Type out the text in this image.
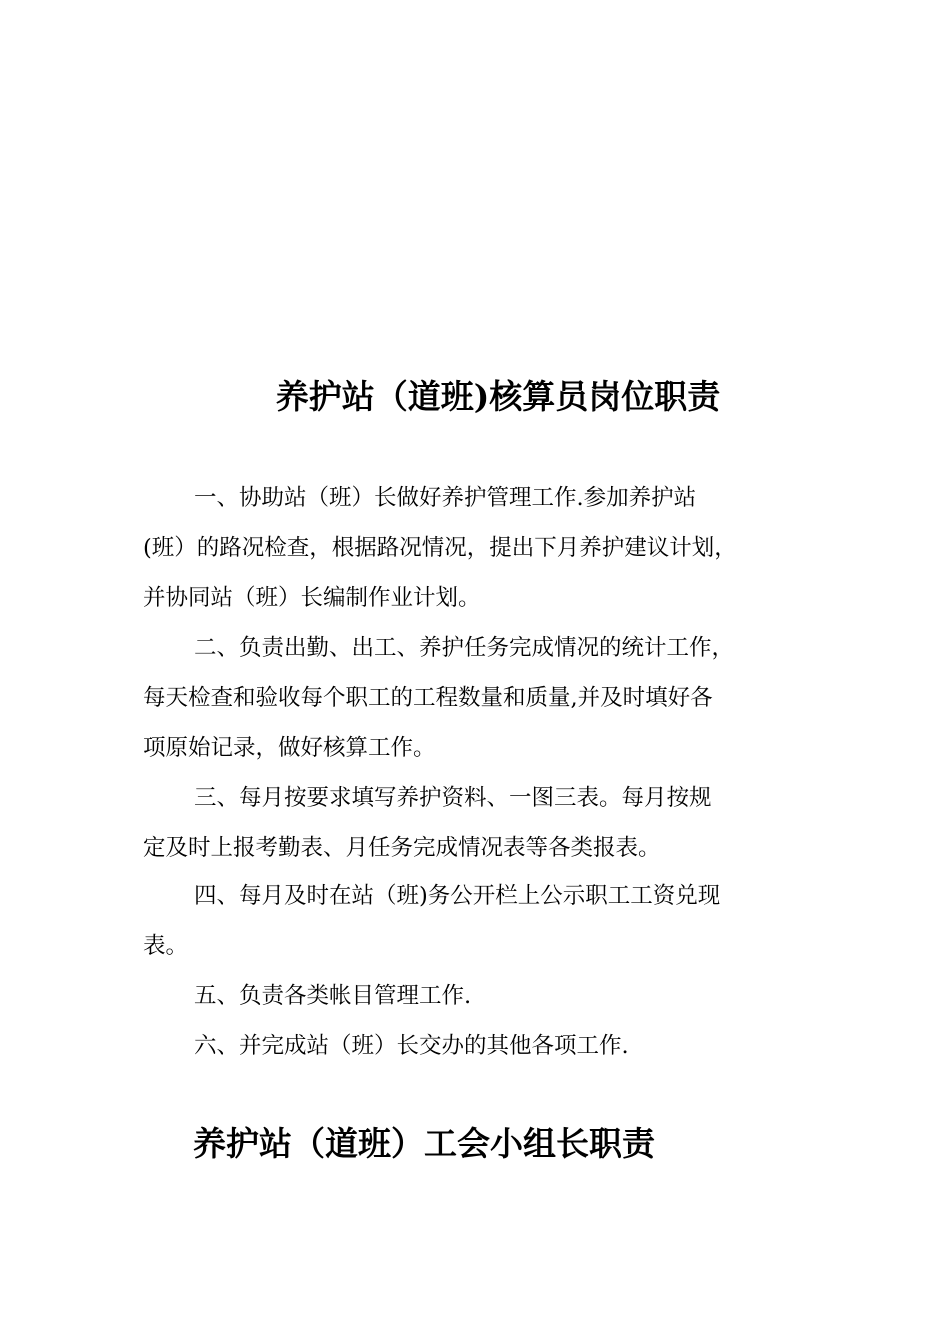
养护站（道班)核算员岗位职责

一、协助站（班）长做好养护管理工作.参加养护站
(班）的路况检查，根据路况情况，提出下月养护建议计划，
并协同站（班）长编制作业计划。

二、负责出勤、出工、养护任务完成情况的统计工作，
每天检查和验收每个职工的工程数量和质量,并及时填好各
项原始记录，做好核算工作。

三、每月按要求填写养护资料、一图三表。每月按规
定及时上报考勤表、月任务完成情况表等各类报表。

四、每月及时在站（班)务公开栏上公示职工工资兑现
表。

五、负责各类帐目管理工作.

六、并完成站（班）长交办的其他各项工作.

养护站（道班）工会小组长职责
